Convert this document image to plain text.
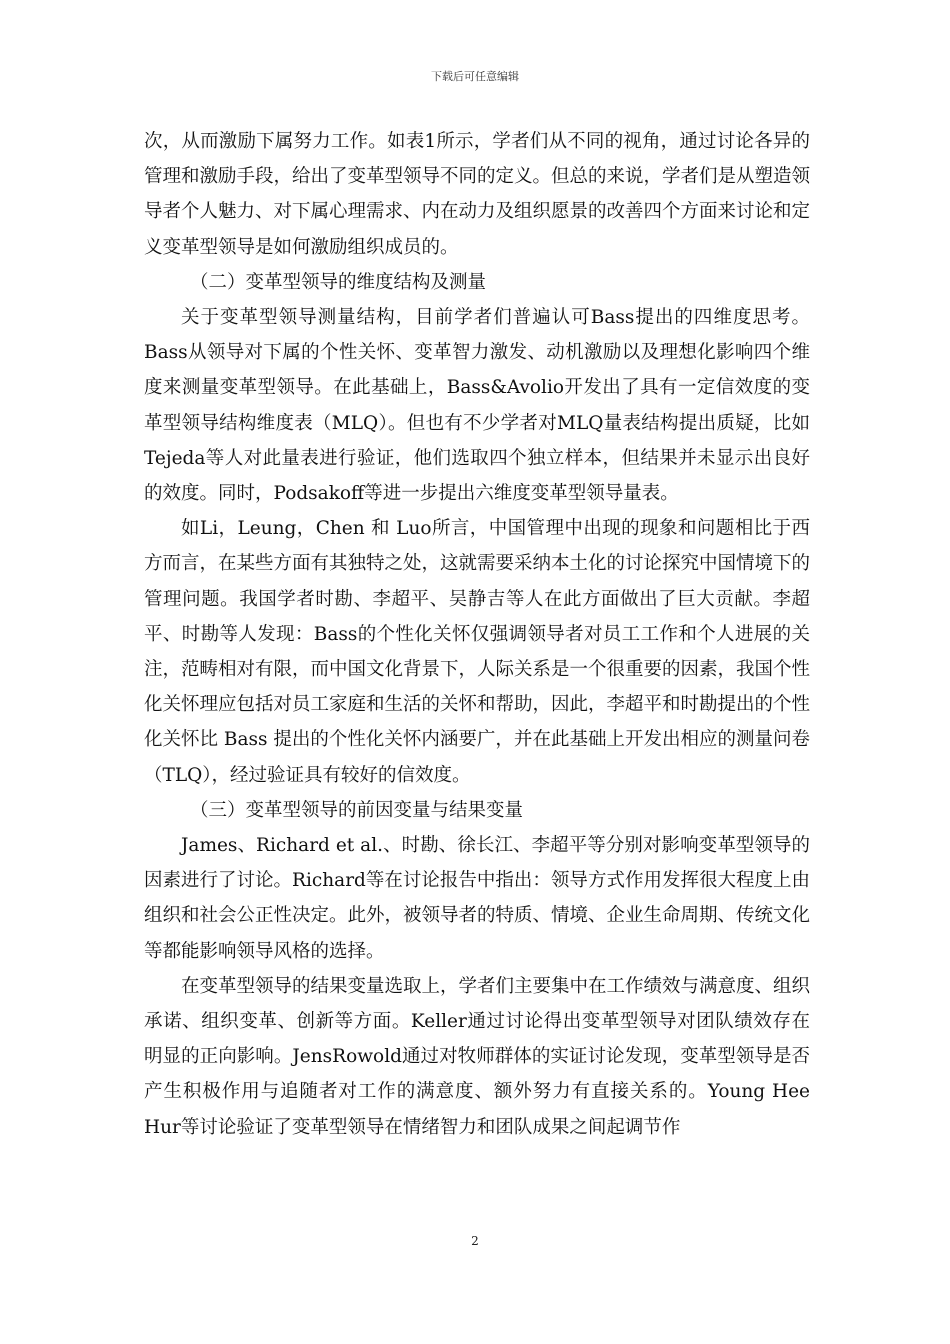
下载后可任意编辑

次，从而激励下属努力工作。如表1所示，学者们从不同的视角，通过讨论各异的管理和激励手段，给出了变革型领导不同的定义。但总的来说，学者们是从塑造领导者个人魅力、对下属心理需求、内在动力及组织愿景的改善四个方面来讨论和定义变革型领导是如何激励组织成员的。

（二）变革型领导的维度结构及测量

关于变革型领导测量结构，目前学者们普遍认可Bass提出的四维度思考。Bass从领导对下属的个性关怀、变革智力激发、动机激励以及理想化影响四个维度来测量变革型领导。在此基础上，Bass&Avolio开发出了具有一定信效度的变革型领导结构维度表（MLQ）。但也有不少学者对MLQ量表结构提出质疑，比如Tejeda等人对此量表进行验证，他们选取四个独立样本，但结果并未显示出良好的效度。同时，Podsakoff等进一步提出六维度变革型领导量表。

如Li，Leung，Chen 和 Luo所言，中国管理中出现的现象和问题相比于西方而言，在某些方面有其独特之处，这就需要采纳本土化的讨论探究中国情境下的管理问题。我国学者时勘、李超平、吴静吉等人在此方面做出了巨大贡献。李超平、时勘等人发现：Bass的个性化关怀仅强调领导者对员工工作和个人进展的关注，范畴相对有限，而中国文化背景下，人际关系是一个很重要的因素，我国个性化关怀理应包括对员工家庭和生活的关怀和帮助，因此，李超平和时勘提出的个性化关怀比 Bass 提出的个性化关怀内涵要广，并在此基础上开发出相应的测量问卷（TLQ），经过验证具有较好的信效度。

（三）变革型领导的前因变量与结果变量

James、Richard et al.、时勘、徐长江、李超平等分别对影响变革型领导的因素进行了讨论。Richard等在讨论报告中指出：领导方式作用发挥很大程度上由组织和社会公正性决定。此外，被领导者的特质、情境、企业生命周期、传统文化等都能影响领导风格的选择。

在变革型领导的结果变量选取上，学者们主要集中在工作绩效与满意度、组织承诺、组织变革、创新等方面。Keller通过讨论得出变革型领导对团队绩效存在明显的正向影响。JensRowold通过对牧师群体的实证讨论发现，变革型领导是否产生积极作用与追随者对工作的满意度、额外努力有直接关系的。Young Hee Hur等讨论验证了变革型领导在情绪智力和团队成果之间起调节作

2
